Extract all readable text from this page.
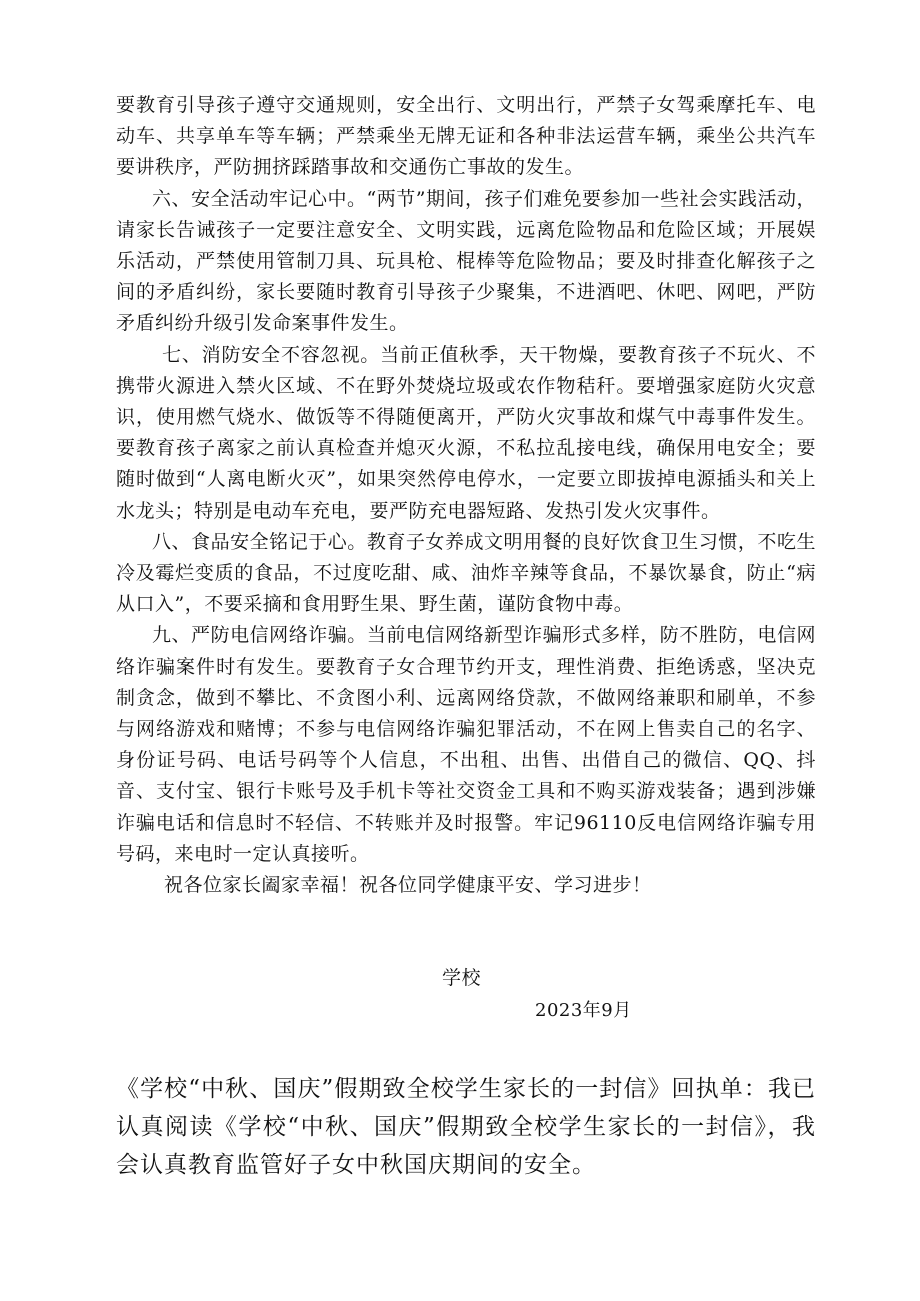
要教育引导孩子遵守交通规则，安全出行、文明出行，严禁子女驾乘摩托车、电动车、共享单车等车辆；严禁乘坐无牌无证和各种非法运营车辆，乘坐公共汽车要讲秩序，严防拥挤踩踏事故和交通伤亡事故的发生。

六、安全活动牢记心中。“两节”期间，孩子们难免要参加一些社会实践活动，请家长告诫孩子一定要注意安全、文明实践，远离危险物品和危险区域；开展娱乐活动，严禁使用管制刀具、玩具枪、棍棒等危险物品；要及时排查化解孩子之间的矛盾纠纷，家长要随时教育引导孩子少聚集，不进酒吧、休吧、网吧，严防矛盾纠纷升级引发命案事件发生。

七、消防安全不容忽视。当前正值秋季，天干物燥，要教育孩子不玩火、不携带火源进入禁火区域、不在野外焚烧垃圾或农作物秸秆。要增强家庭防火灾意识，使用燃气烧水、做饭等不得随便离开，严防火灾事故和煤气中毒事件发生。要教育孩子离家之前认真检查并熄灭火源，不私拉乱接电线，确保用电安全；要随时做到“人离电断火灭”，如果突然停电停水，一定要立即拔掉电源插头和关上水龙头；特别是电动车充电，要严防充电器短路、发热引发火灾事件。

八、食品安全铭记于心。教育子女养成文明用餐的良好饮食卫生习惯，不吃生冷及霉烂变质的食品，不过度吃甜、咸、油炸辛辣等食品，不暴饮暴食，防止“病从口入”，不要采摘和食用野生果、野生菌，谨防食物中毒。

九、严防电信网络诈骗。当前电信网络新型诈骗形式多样，防不胜防，电信网络诈骗案件时有发生。要教育子女合理节约开支，理性消费、拒绝诱惑，坚决克制贪念，做到不攀比、不贪图小利、远离网络贷款，不做网络兼职和刷单，不参与网络游戏和赌博；不参与电信网络诈骗犯罪活动，不在网上售卖自己的名字、身份证号码、电话号码等个人信息，不出租、出售、出借自己的微信、QQ、抖音、支付宝、银行卡账号及手机卡等社交资金工具和不购买游戏装备；遇到涉嫌诈骗电话和信息时不轻信、不转账并及时报警。牢记96110反电信网络诈骗专用号码，来电时一定认真接听。

祝各位家长阖家幸福！祝各位同学健康平安、学习进步！

学校
2023年9月

《学校“中秋、国庆”假期致全校学生家长的一封信》回执单：我已认真阅读《学校“中秋、国庆”假期致全校学生家长的一封信》，我会认真教育监管好子女中秋国庆期间的安全。
